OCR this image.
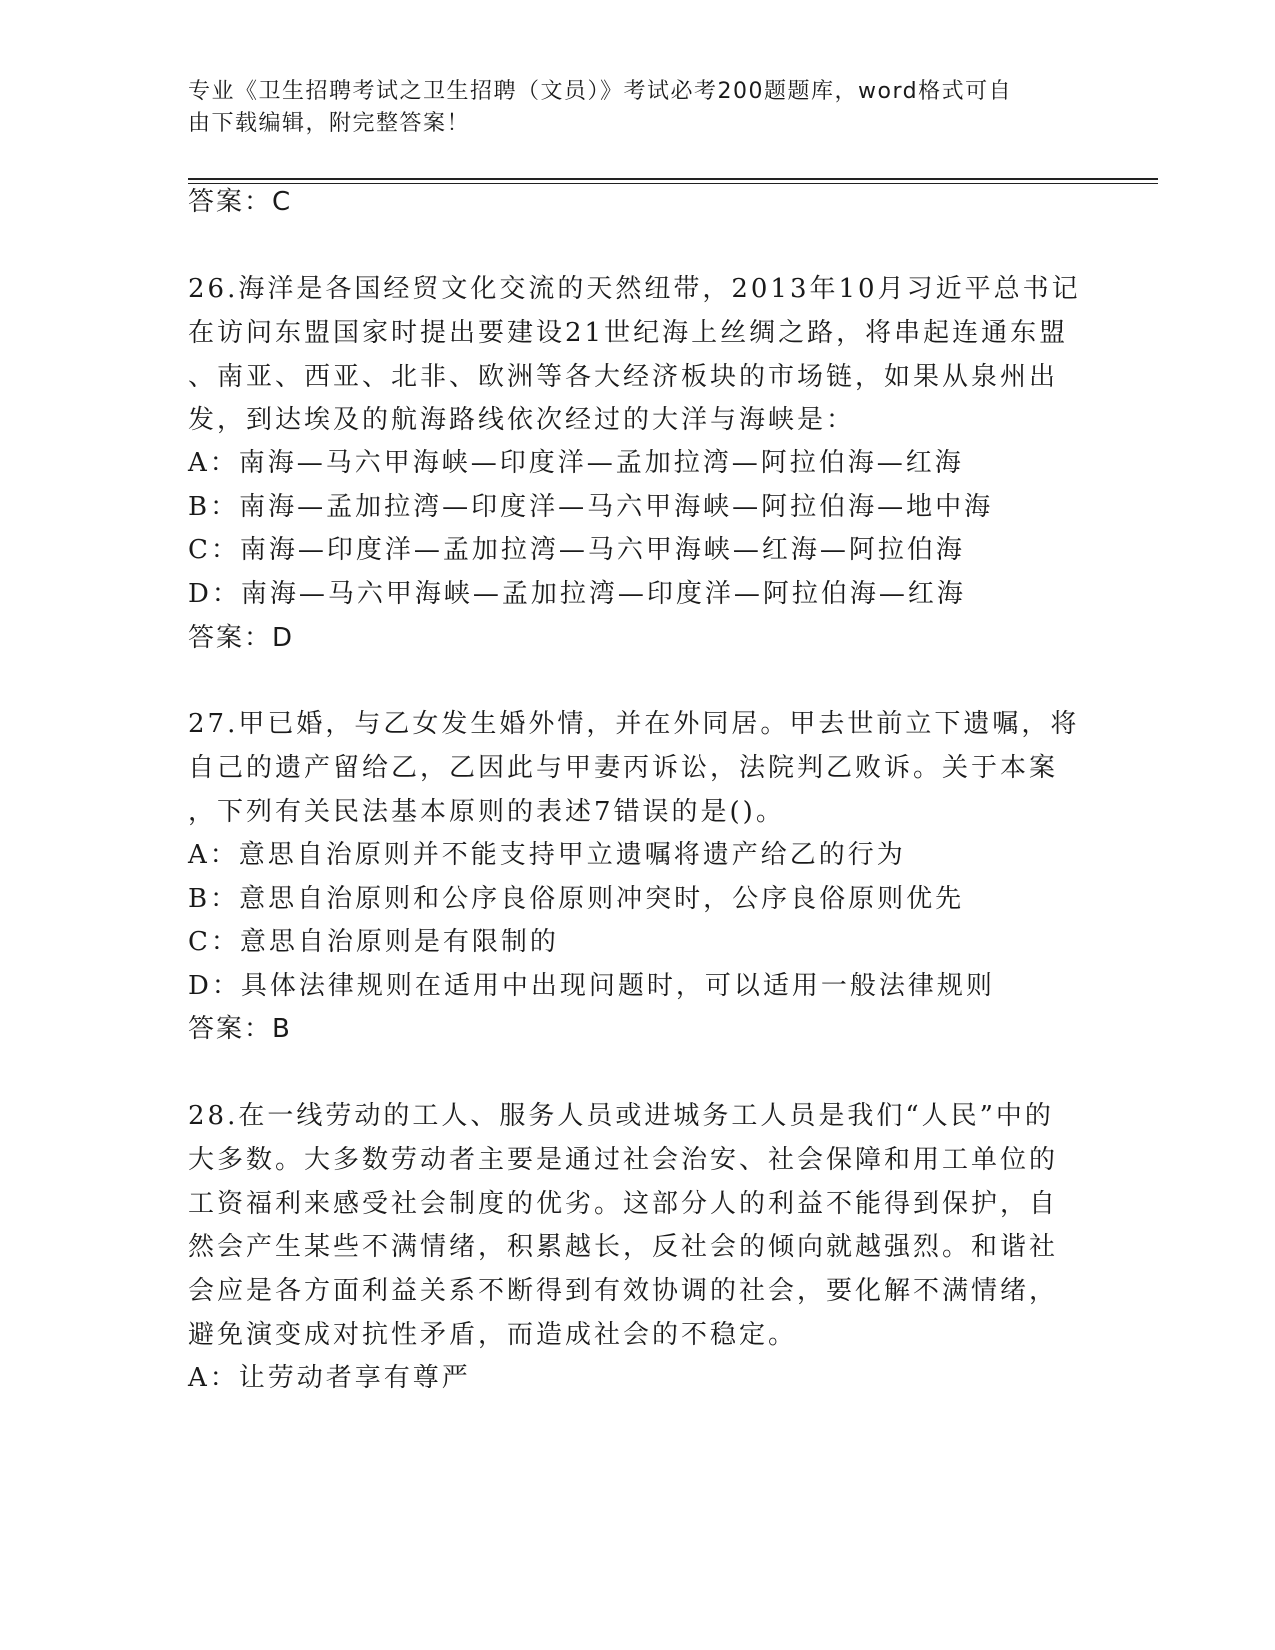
专业《卫生招聘考试之卫生招聘（文员）》考试必考200题题库，word格式可自
由下载编辑，附完整答案！
答案：C
26.海洋是各国经贸文化交流的天然纽带，2013年10月习近平总书记
在访问东盟国家时提出要建设21世纪海上丝绸之路，将串起连通东盟
、南亚、西亚、北非、欧洲等各大经济板块的市场链，如果从泉州出
发，到达埃及的航海路线依次经过的大洋与海峡是：
A：南海—马六甲海峡—印度洋—孟加拉湾—阿拉伯海—红海
B：南海—孟加拉湾—印度洋—马六甲海峡—阿拉伯海—地中海
C：南海—印度洋—孟加拉湾—马六甲海峡—红海—阿拉伯海
D：南海—马六甲海峡—孟加拉湾—印度洋—阿拉伯海—红海
答案：D
27.甲已婚，与乙女发生婚外情，并在外同居。甲去世前立下遗嘱，将
自己的遗产留给乙，乙因此与甲妻丙诉讼，法院判乙败诉。关于本案
，下列有关民法基本原则的表述7错误的是()。
A：意思自治原则并不能支持甲立遗嘱将遗产给乙的行为
B：意思自治原则和公序良俗原则冲突时，公序良俗原则优先
C：意思自治原则是有限制的
D：具体法律规则在适用中出现问题时，可以适用一般法律规则
答案：B
28.在一线劳动的工人、服务人员或进城务工人员是我们“人民”中的
大多数。大多数劳动者主要是通过社会治安、社会保障和用工单位的
工资福利来感受社会制度的优劣。这部分人的利益不能得到保护，自
然会产生某些不满情绪，积累越长，反社会的倾向就越强烈。和谐社
会应是各方面利益关系不断得到有效协调的社会，要化解不满情绪，
避免演变成对抗性矛盾，而造成社会的不稳定。
A：让劳动者享有尊严
